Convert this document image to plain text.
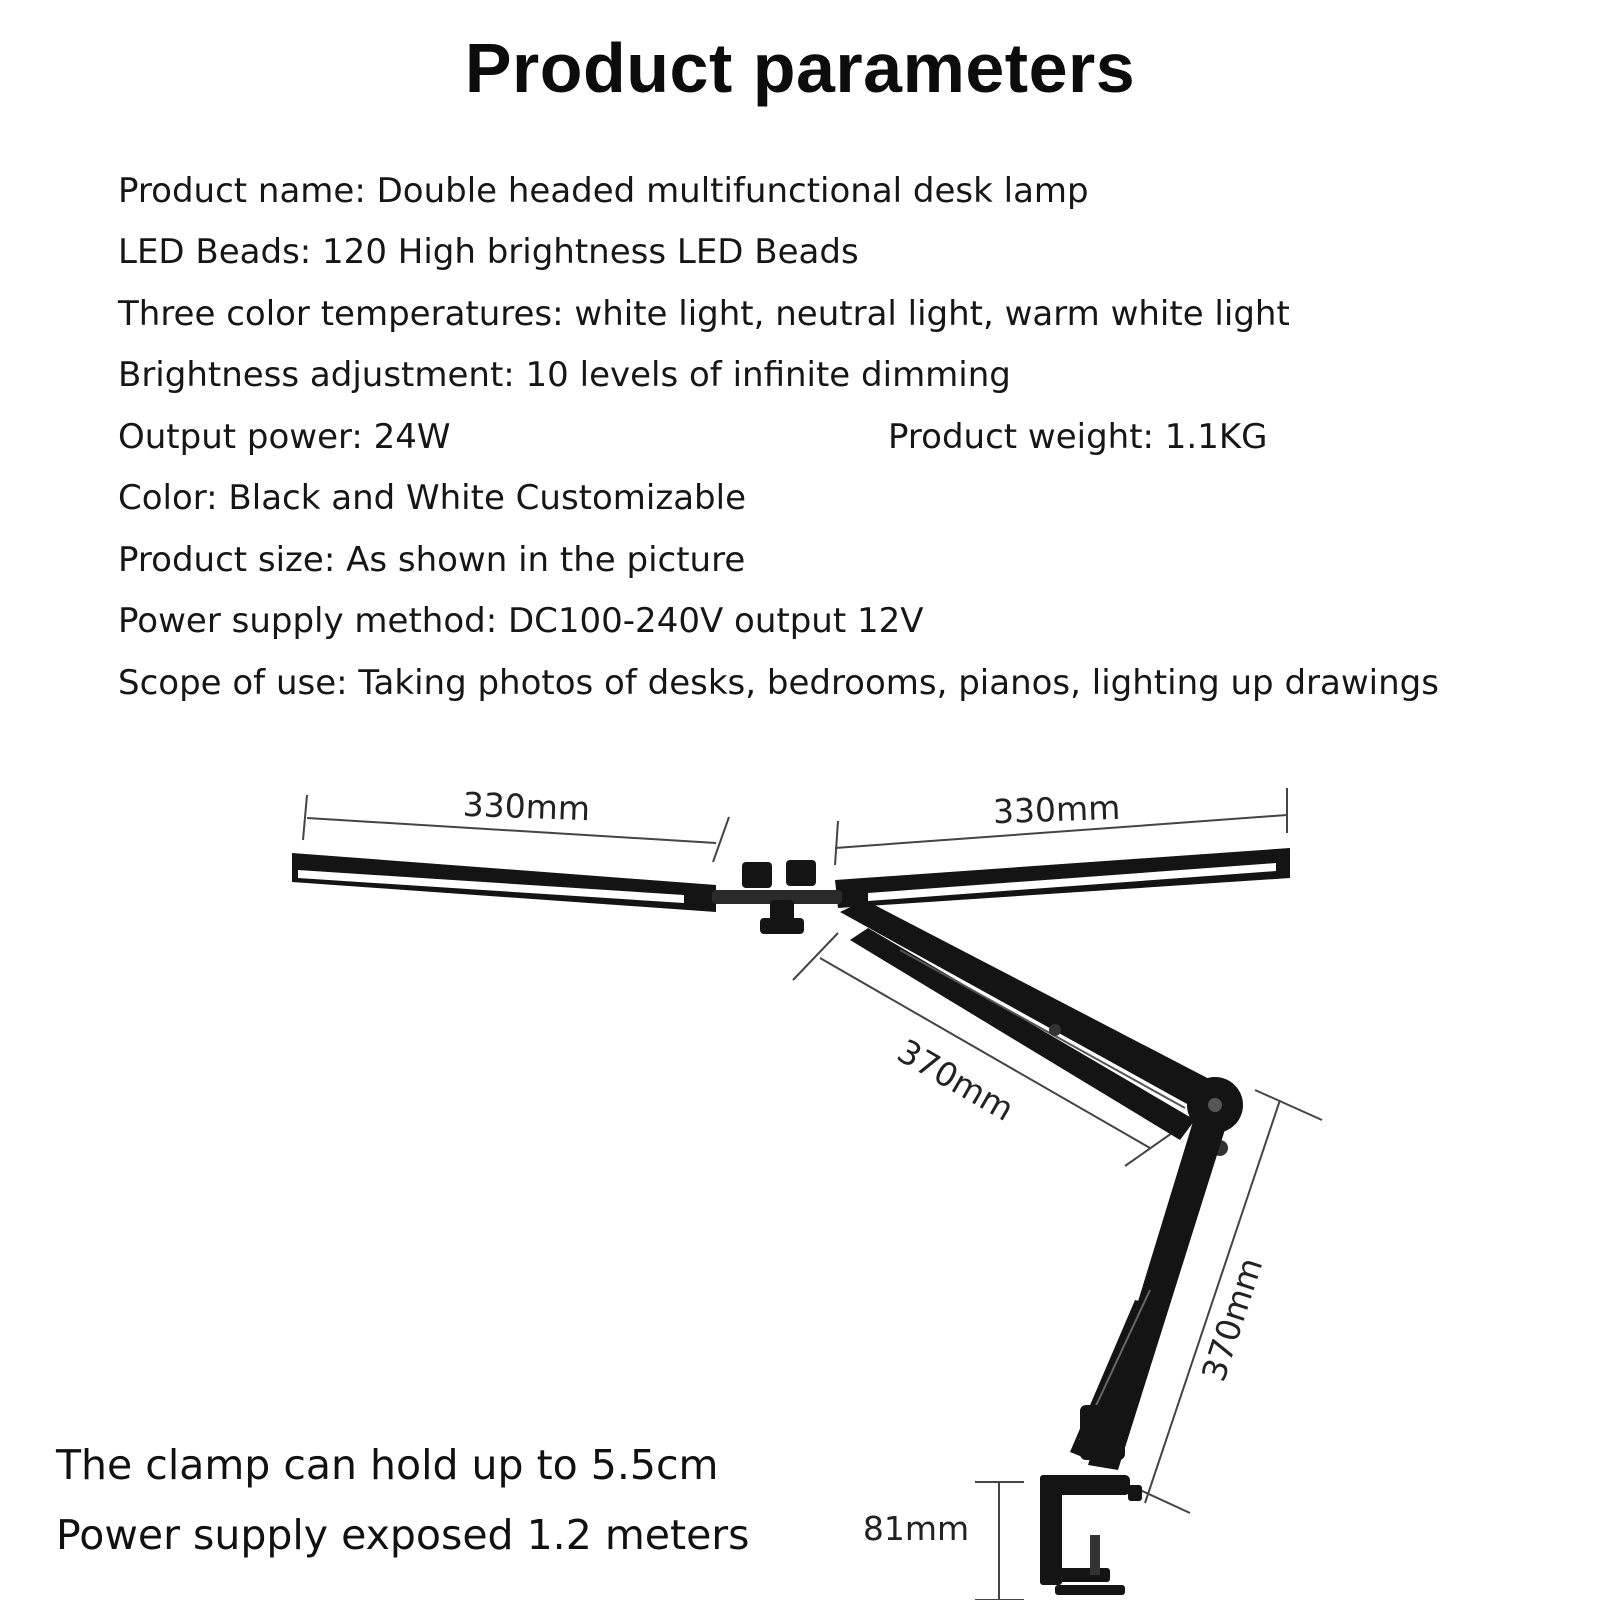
Product parameters
Product name: Double headed multifunctional desk lamp
LED Beads: 120 High brightness LED Beads
Three color temperatures: white light, neutral light, warm white light
Brightness adjustment: 10 levels of infinite dimming
Output power: 24W	Product weight: 1.1KG
Color: Black and White Customizable
Product size: As shown in the picture
Power supply method: DC100-240V output 12V
Scope of use: Taking photos of desks, bedrooms, pianos, lighting up drawings
330mm	330mm
370mm
370mm
81mm
The clamp can hold up to 5.5cm
Power supply exposed 1.2 meters
